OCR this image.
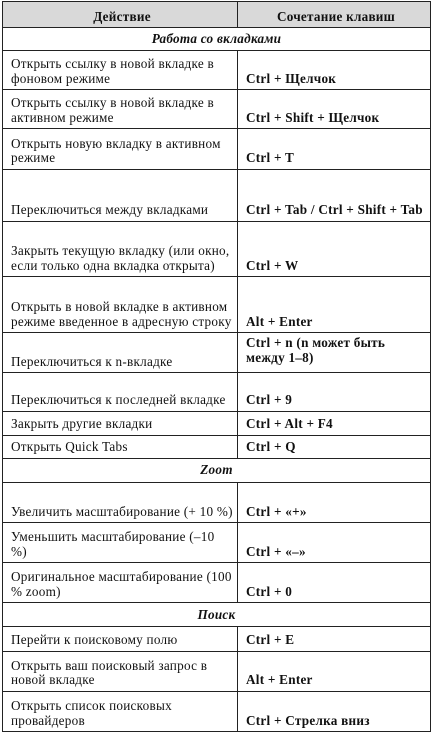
Действие	Сочетание клавиш
Работа со вкладками	
Открыть ссылку в новой вкладке в фоновом режиме	Ctrl + Щелчок
Открыть ссылку в новой вкладке в активном режиме	Ctrl + Shift + Щелчок
Открыть новую вкладку в активном режиме	Ctrl + T
Переключиться между вкладками	Ctrl + Tab / Ctrl + Shift + Tab
Закрыть текущую вкладку (или окно, если только одна вкладка открыта)	Ctrl + W
Открыть в новой вкладке в активном режиме введенное в адресную строку	Alt + Enter
Переключиться к n-вкладке	Ctrl + n (n может быть между 1–8)
Переключиться к последней вкладке	Ctrl + 9
Закрыть другие вкладки	Ctrl + Alt + F4
Открыть Quick Tabs	Ctrl + Q
Zoom	
Увеличить масштабирование (+ 10 %)	Ctrl + «+»
Уменьшить масштабирование (–10 %)	Ctrl + «–»
Оригинальное масштабирование (100 % zoom)	Ctrl + 0
Поиск	
Перейти к поисковому полю	Ctrl + E
Открыть ваш поисковый запрос в новой вкладке	Alt + Enter
Открыть список поисковых провайдеров	Ctrl + Стрелка вниз
